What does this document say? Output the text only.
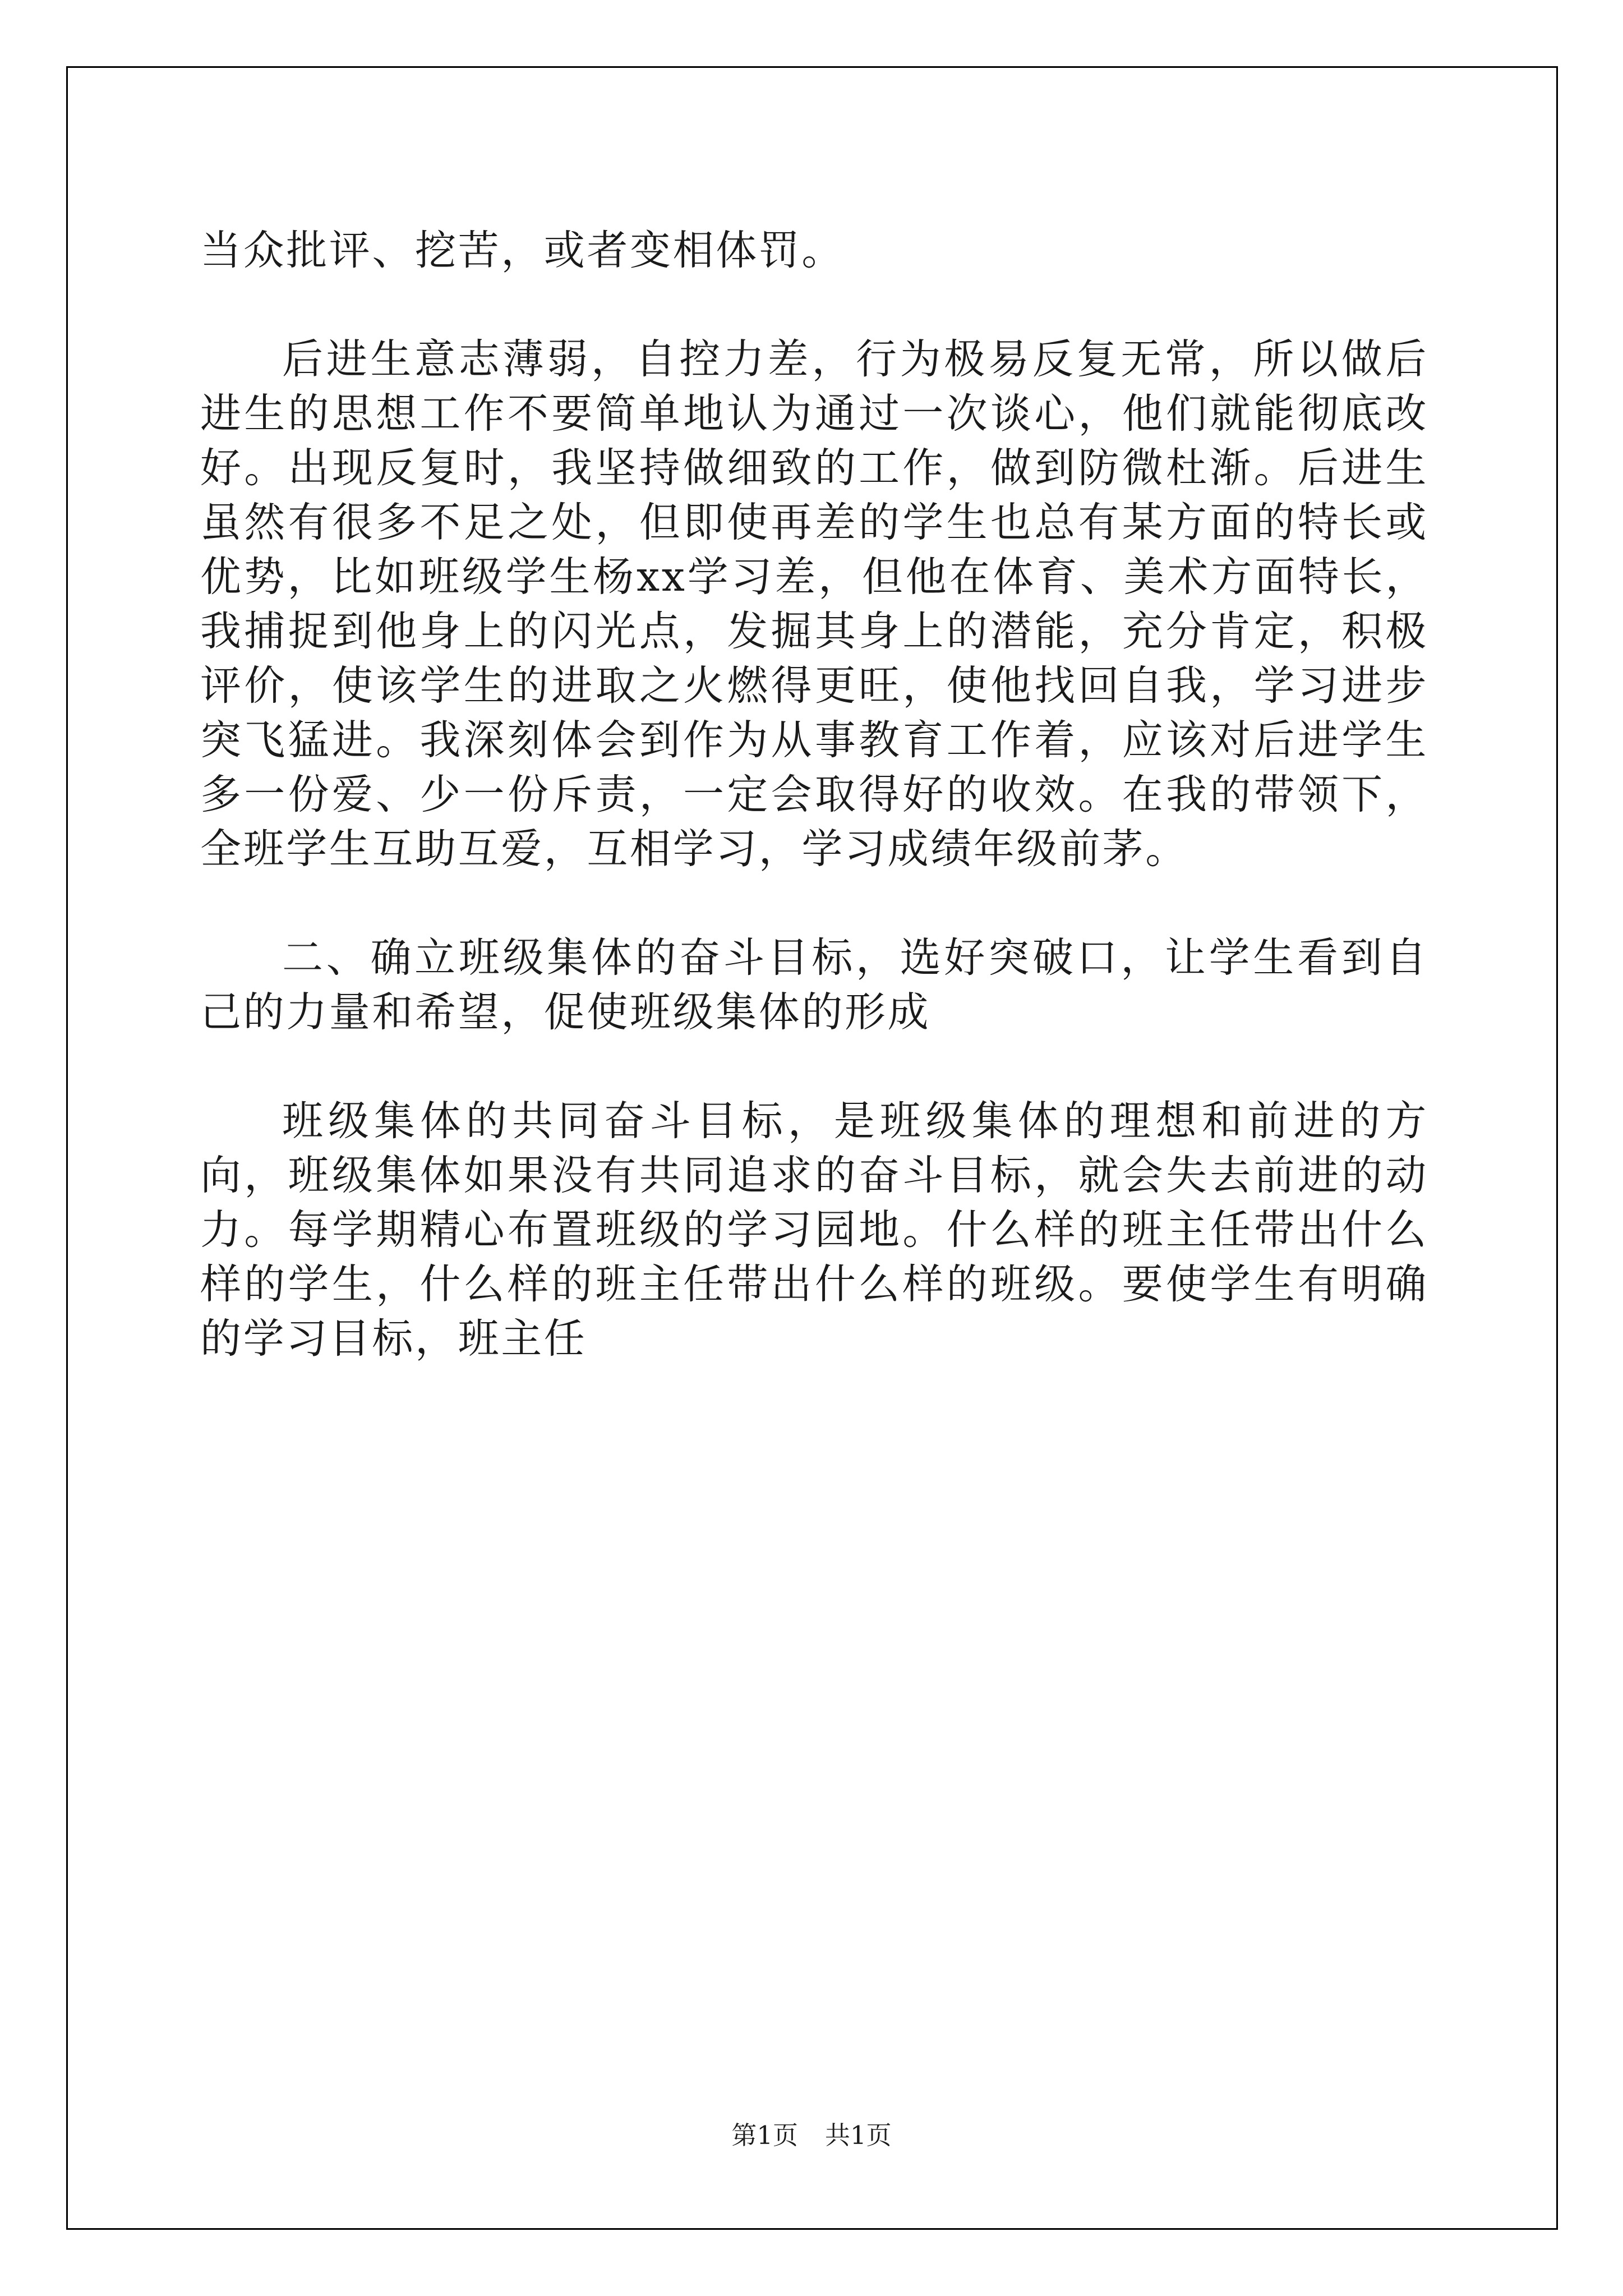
当众批评、挖苦，或者变相体罚。

后进生意志薄弱，自控力差，行为极易反复无常，所以做后进生的思想工作不要简单地认为通过一次谈心，他们就能彻底改好。出现反复时，我坚持做细致的工作，做到防微杜渐。后进生虽然有很多不足之处，但即使再差的学生也总有某方面的特长或优势，比如班级学生杨xx学习差，但他在体育、美术方面特长，我捕捉到他身上的闪光点，发掘其身上的潜能，充分肯定，积极评价，使该学生的进取之火燃得更旺，使他找回自我，学习进步突飞猛进。我深刻体会到作为从事教育工作着，应该对后进学生多一份爱、少一份斥责，一定会取得好的收效。在我的带领下，全班学生互助互爱，互相学习，学习成绩年级前茅。

二、确立班级集体的奋斗目标，选好突破口，让学生看到自己的力量和希望，促使班级集体的形成

班级集体的共同奋斗目标，是班级集体的理想和前进的方向，班级集体如果没有共同追求的奋斗目标，就会失去前进的动力。每学期精心布置班级的学习园地。什么样的班主任带出什么样的学生，什么样的班主任带出什么样的班级。要使学生有明确的学习目标，班主任

第1页 共1页
